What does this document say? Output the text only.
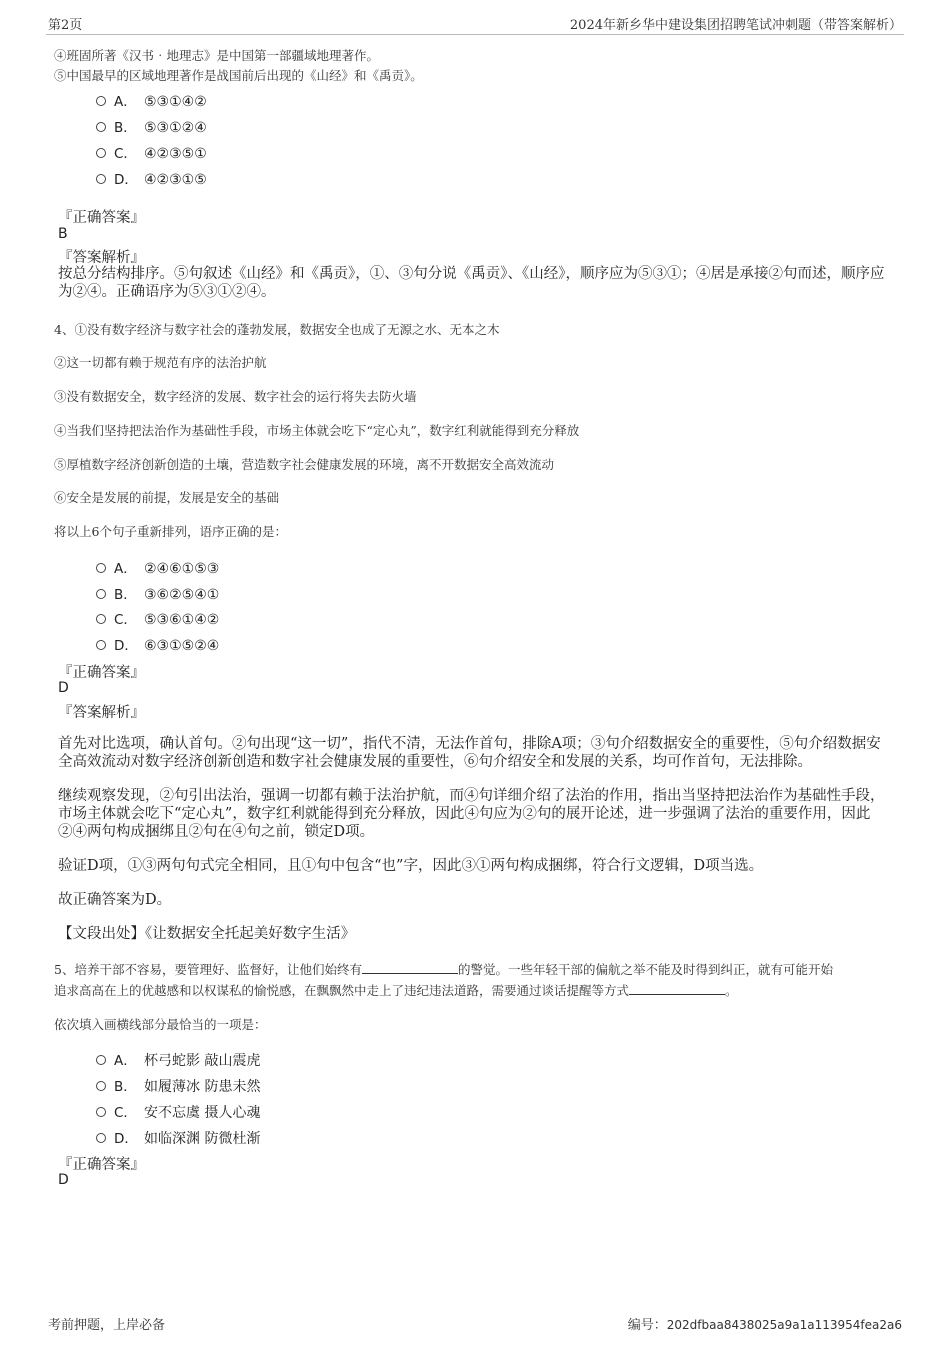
第2页	2024年新乡华中建设集团招聘笔试冲刺题（带答案解析）
④班固所著《汉书‧地理志》是中国第一部疆域地理著作。
⑤中国最早的区域地理著作是战国前后出现的《山经》和《禹贡》。
A． ⑤③①④②
B． ⑤③①②④
C． ④②③⑤①
D． ④②③①⑤
『正确答案』
B
『答案解析』
按总分结构排序。⑤句叙述《山经》和《禹贡》，①、③句分说《禹贡》、《山经》，顺序应为⑤③①；④居是承接②句而述，顺序应为②④。正确语序为⑤③①②④。
4、①没有数字经济与数字社会的蓬勃发展，数据安全也成了无源之水、无本之木
②这一切都有赖于规范有序的法治护航
③没有数据安全，数字经济的发展、数字社会的运行将失去防火墙
④当我们坚持把法治作为基础性手段，市场主体就会吃下“定心丸”，数字红利就能得到充分释放
⑤厚植数字经济创新创造的土壤，营造数字社会健康发展的环境，离不开数据安全高效流动
⑥安全是发展的前提，发展是安全的基础
将以上6个句子重新排列，语序正确的是：
A． ②④⑥①⑤③
B． ③⑥②⑤④①
C． ⑤③⑥①④②
D． ⑥③①⑤②④
『正确答案』
D
『答案解析』
首先对比选项，确认首句。②句出现“这一切”，指代不清，无法作首句，排除A项；③句介绍数据安全的重要性，⑤句介绍数据安全高效流动对数字经济创新创造和数字社会健康发展的重要性，⑥句介绍安全和发展的关系，均可作首句，无法排除。
继续观察发现，②句引出法治，强调一切都有赖于法治护航，而④句详细介绍了法治的作用，指出当坚持把法治作为基础性手段，市场主体就会吃下“定心丸”，数字红利就能得到充分释放，因此④句应为②句的展开论述，进一步强调了法治的重要作用，因此②④两句构成捆绑且②句在④句之前，锁定D项。
验证D项，①③两句句式完全相同，且①句中包含“也”字，因此③①两句构成捆绑，符合行文逻辑，D项当选。
故正确答案为D。
【文段出处】《让数据安全托起美好数字生活》
5、培养干部不容易，要管理好、监督好，让他们始终有	的警觉。一些年轻干部的偏航之举不能及时得到纠正，就有可能开始
追求高高在上的优越感和以权谋私的愉悦感，在飘飘然中走上了违纪违法道路，需要通过谈话提醒等方式	。
依次填入画横线部分最恰当的一项是：
A． 杯弓蛇影 敲山震虎
B． 如履薄冰 防患未然
C． 安不忘虞 摄人心魂
D． 如临深渊 防微杜渐
『正确答案』
D
考前押题，上岸必备	编号：202dfbaa8438025a9a1a113954fea2a6
